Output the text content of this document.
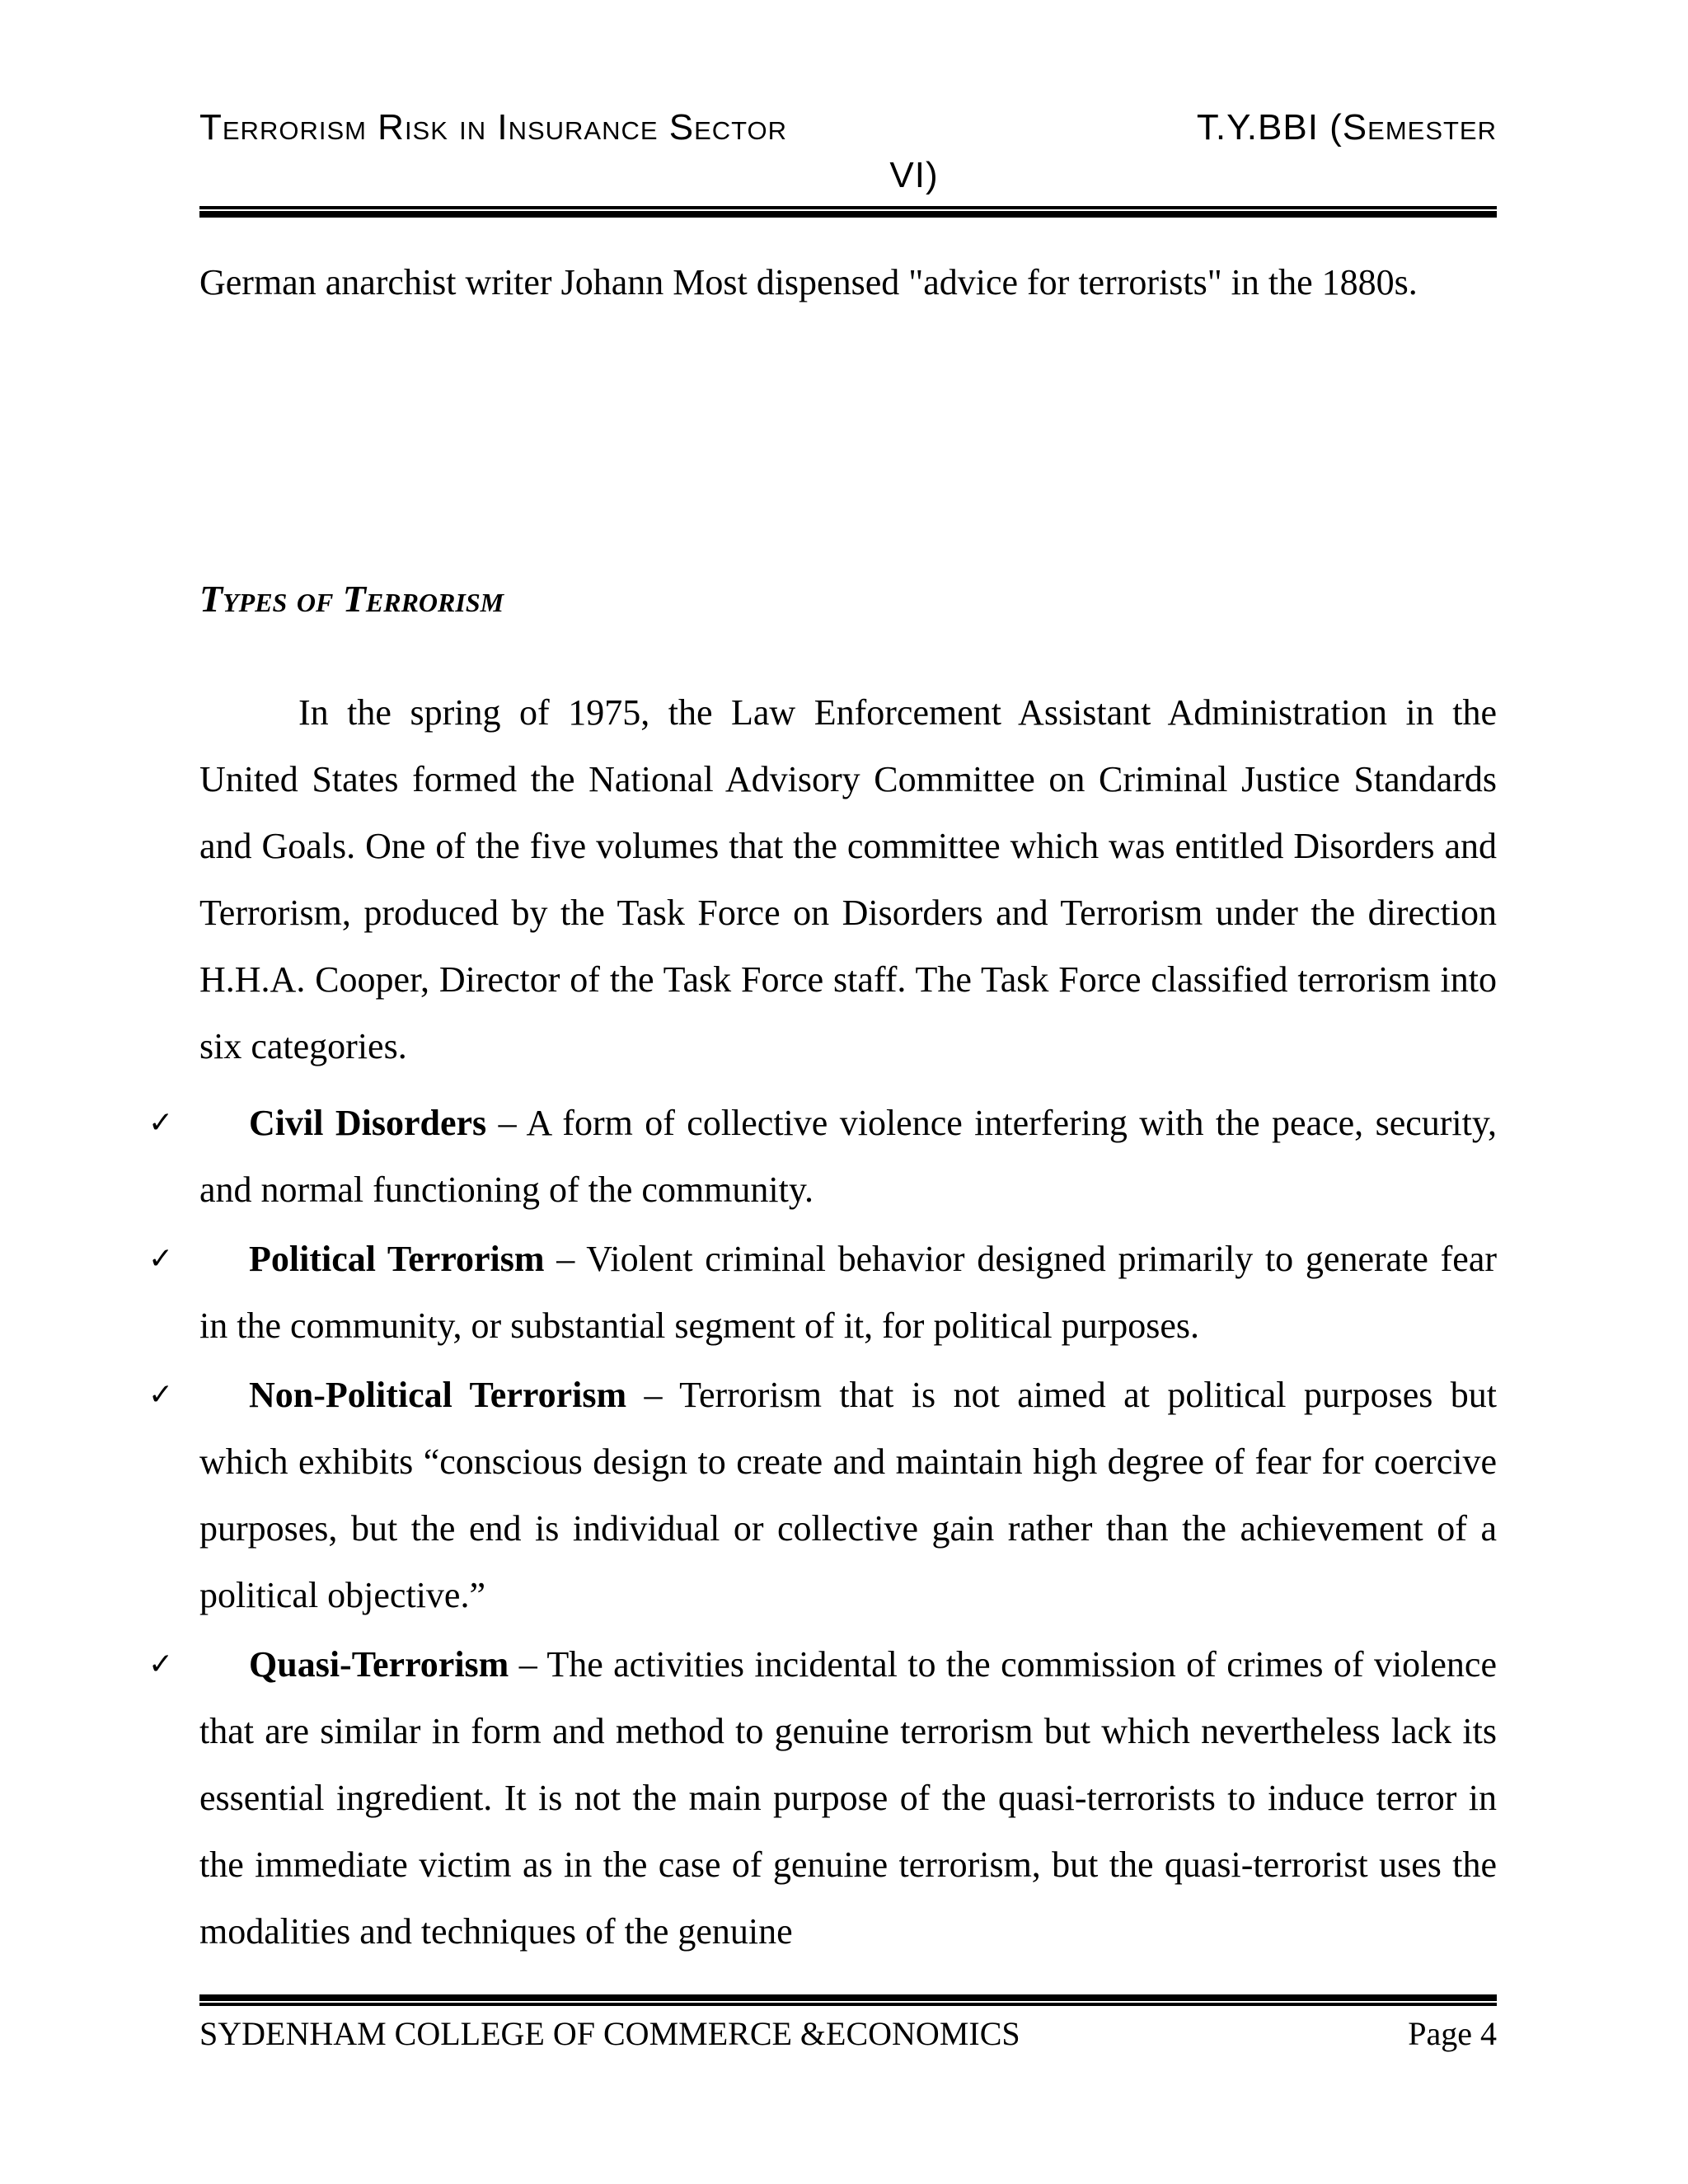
Terrorism Risk in Insurance Sector	T.Y.BBI (Semester
VI)
German anarchist writer Johann Most dispensed "advice for terrorists" in the 1880s.
Types of Terrorism
In the spring of 1975, the Law Enforcement Assistant Administration in the United States formed the National Advisory Committee on Criminal Justice Standards and Goals. One of the five volumes that the committee which was entitled Disorders and Terrorism, produced by the Task Force on Disorders and Terrorism under the direction H.H.A. Cooper, Director of the Task Force staff. The Task Force classified terrorism into six categories.
✓	Civil Disorders – A form of collective violence interfering with the peace, security, and normal functioning of the community.
✓	Political Terrorism – Violent criminal behavior designed primarily to generate fear in the community, or substantial segment of it, for political purposes.
✓	Non-Political Terrorism – Terrorism that is not aimed at political purposes but which exhibits “conscious design to create and maintain high degree of fear for coercive purposes, but the end is individual or collective gain rather than the achievement of a political objective.”
✓	Quasi-Terrorism – The activities incidental to the commission of crimes of violence that are similar in form and method to genuine terrorism but which nevertheless lack its essential ingredient. It is not the main purpose of the quasi-terrorists to induce terror in the immediate victim as in the case of genuine terrorism, but the quasi-terrorist uses the modalities and techniques of the genuine
SYDENHAM COLLEGE OF COMMERCE &ECONOMICS	Page 4
